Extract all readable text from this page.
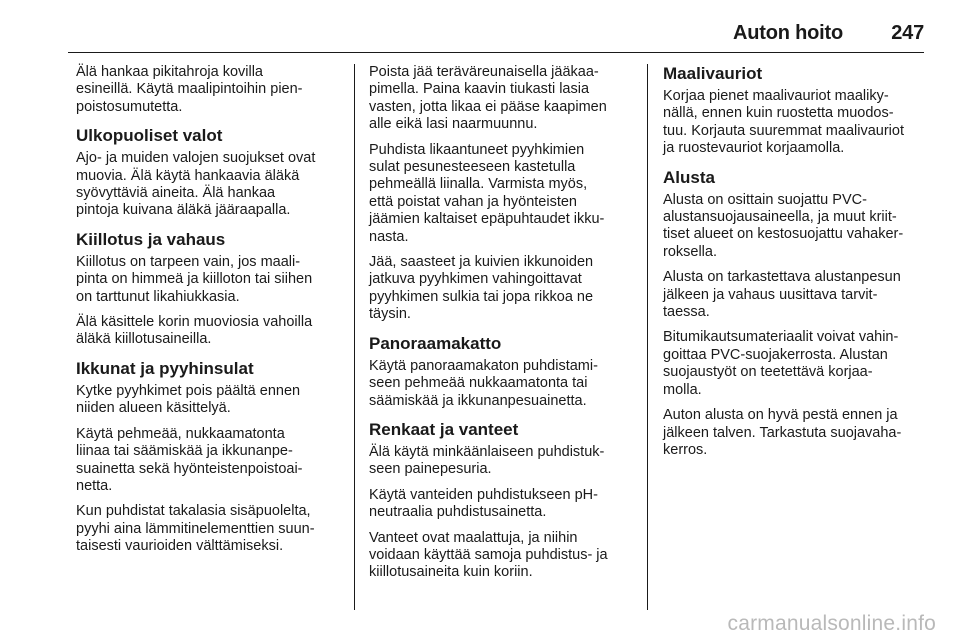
Auton hoito 247

Älä hankaa pikitahroja kovilla
esineillä. Käytä maalipintoihin pien-
poistosumutetta.

Ulkopuoliset valot

Ajo- ja muiden valojen suojukset ovat
muovia. Älä käytä hankaavia äläkä
syövyttäviä aineita. Älä hankaa
pintoja kuivana äläkä jääraapalla.

Kiillotus ja vahaus

Kiillotus on tarpeen vain, jos maali-
pinta on himmeä ja kiilloton tai siihen
on tarttunut likahiukkasia.

Älä käsittele korin muoviosia vahoilla
äläkä kiillotusaineilla.

Ikkunat ja pyyhinsulat

Kytke pyyhkimet pois päältä ennen
niiden alueen käsittelyä.

Käytä pehmeää, nukkaamatonta
liinaa tai säämiskää ja ikkunanpe-
suainetta sekä hyönteistenpoistoai-
netta.

Kun puhdistat takalasia sisäpuolelta,
pyyhi aina lämmitinelementtien suun-
taisesti vaurioiden välttämiseksi.

Poista jää teräväreunaisella jääkaa-
pimella. Paina kaavin tiukasti lasia
vasten, jotta likaa ei pääse kaapimen
alle eikä lasi naarmuunnu.

Puhdista likaantuneet pyyhkimien
sulat pesunesteeseen kastetulla
pehmeällä liinalla. Varmista myös,
että poistat vahan ja hyönteisten
jäämien kaltaiset epäpuhtaudet ikku-
nasta.

Jää, saasteet ja kuivien ikkunoiden
jatkuva pyyhkimen vahingoittavat
pyyhkimen sulkia tai jopa rikkoa ne
täysin.

Panoraamakatto

Käytä panoraamakaton puhdistami-
seen pehmeää nukkaamatonta tai
säämiskää ja ikkunanpesuainetta.

Renkaat ja vanteet

Älä käytä minkäänlaiseen puhdistuk-
seen painepesuria.

Käytä vanteiden puhdistukseen pH-
neutraalia puhdistusainetta.

Vanteet ovat maalattuja, ja niihin
voidaan käyttää samoja puhdistus- ja
kiillotusaineita kuin koriin.

Maalivauriot

Korjaa pienet maalivauriot maaliky-
nällä, ennen kuin ruostetta muodos-
tuu. Korjauta suuremmat maalivauriot
ja ruostevauriot korjaamolla.

Alusta

Alusta on osittain suojattu PVC-
alustansuojausaineella, ja muut kriit-
tiset alueet on kestosuojattu vahaker-
roksella.

Alusta on tarkastettava alustanpesun
jälkeen ja vahaus uusittava tarvit-
taessa.

Bitumikautsumateriaalit voivat vahin-
goittaa PVC-suojakerrosta. Alustan
suojaustyöt on teetettävä korjaa-
molla.

Auton alusta on hyvä pestä ennen ja
jälkeen talven. Tarkastuta suojavaha-
kerros.

carmanualsonline.info
